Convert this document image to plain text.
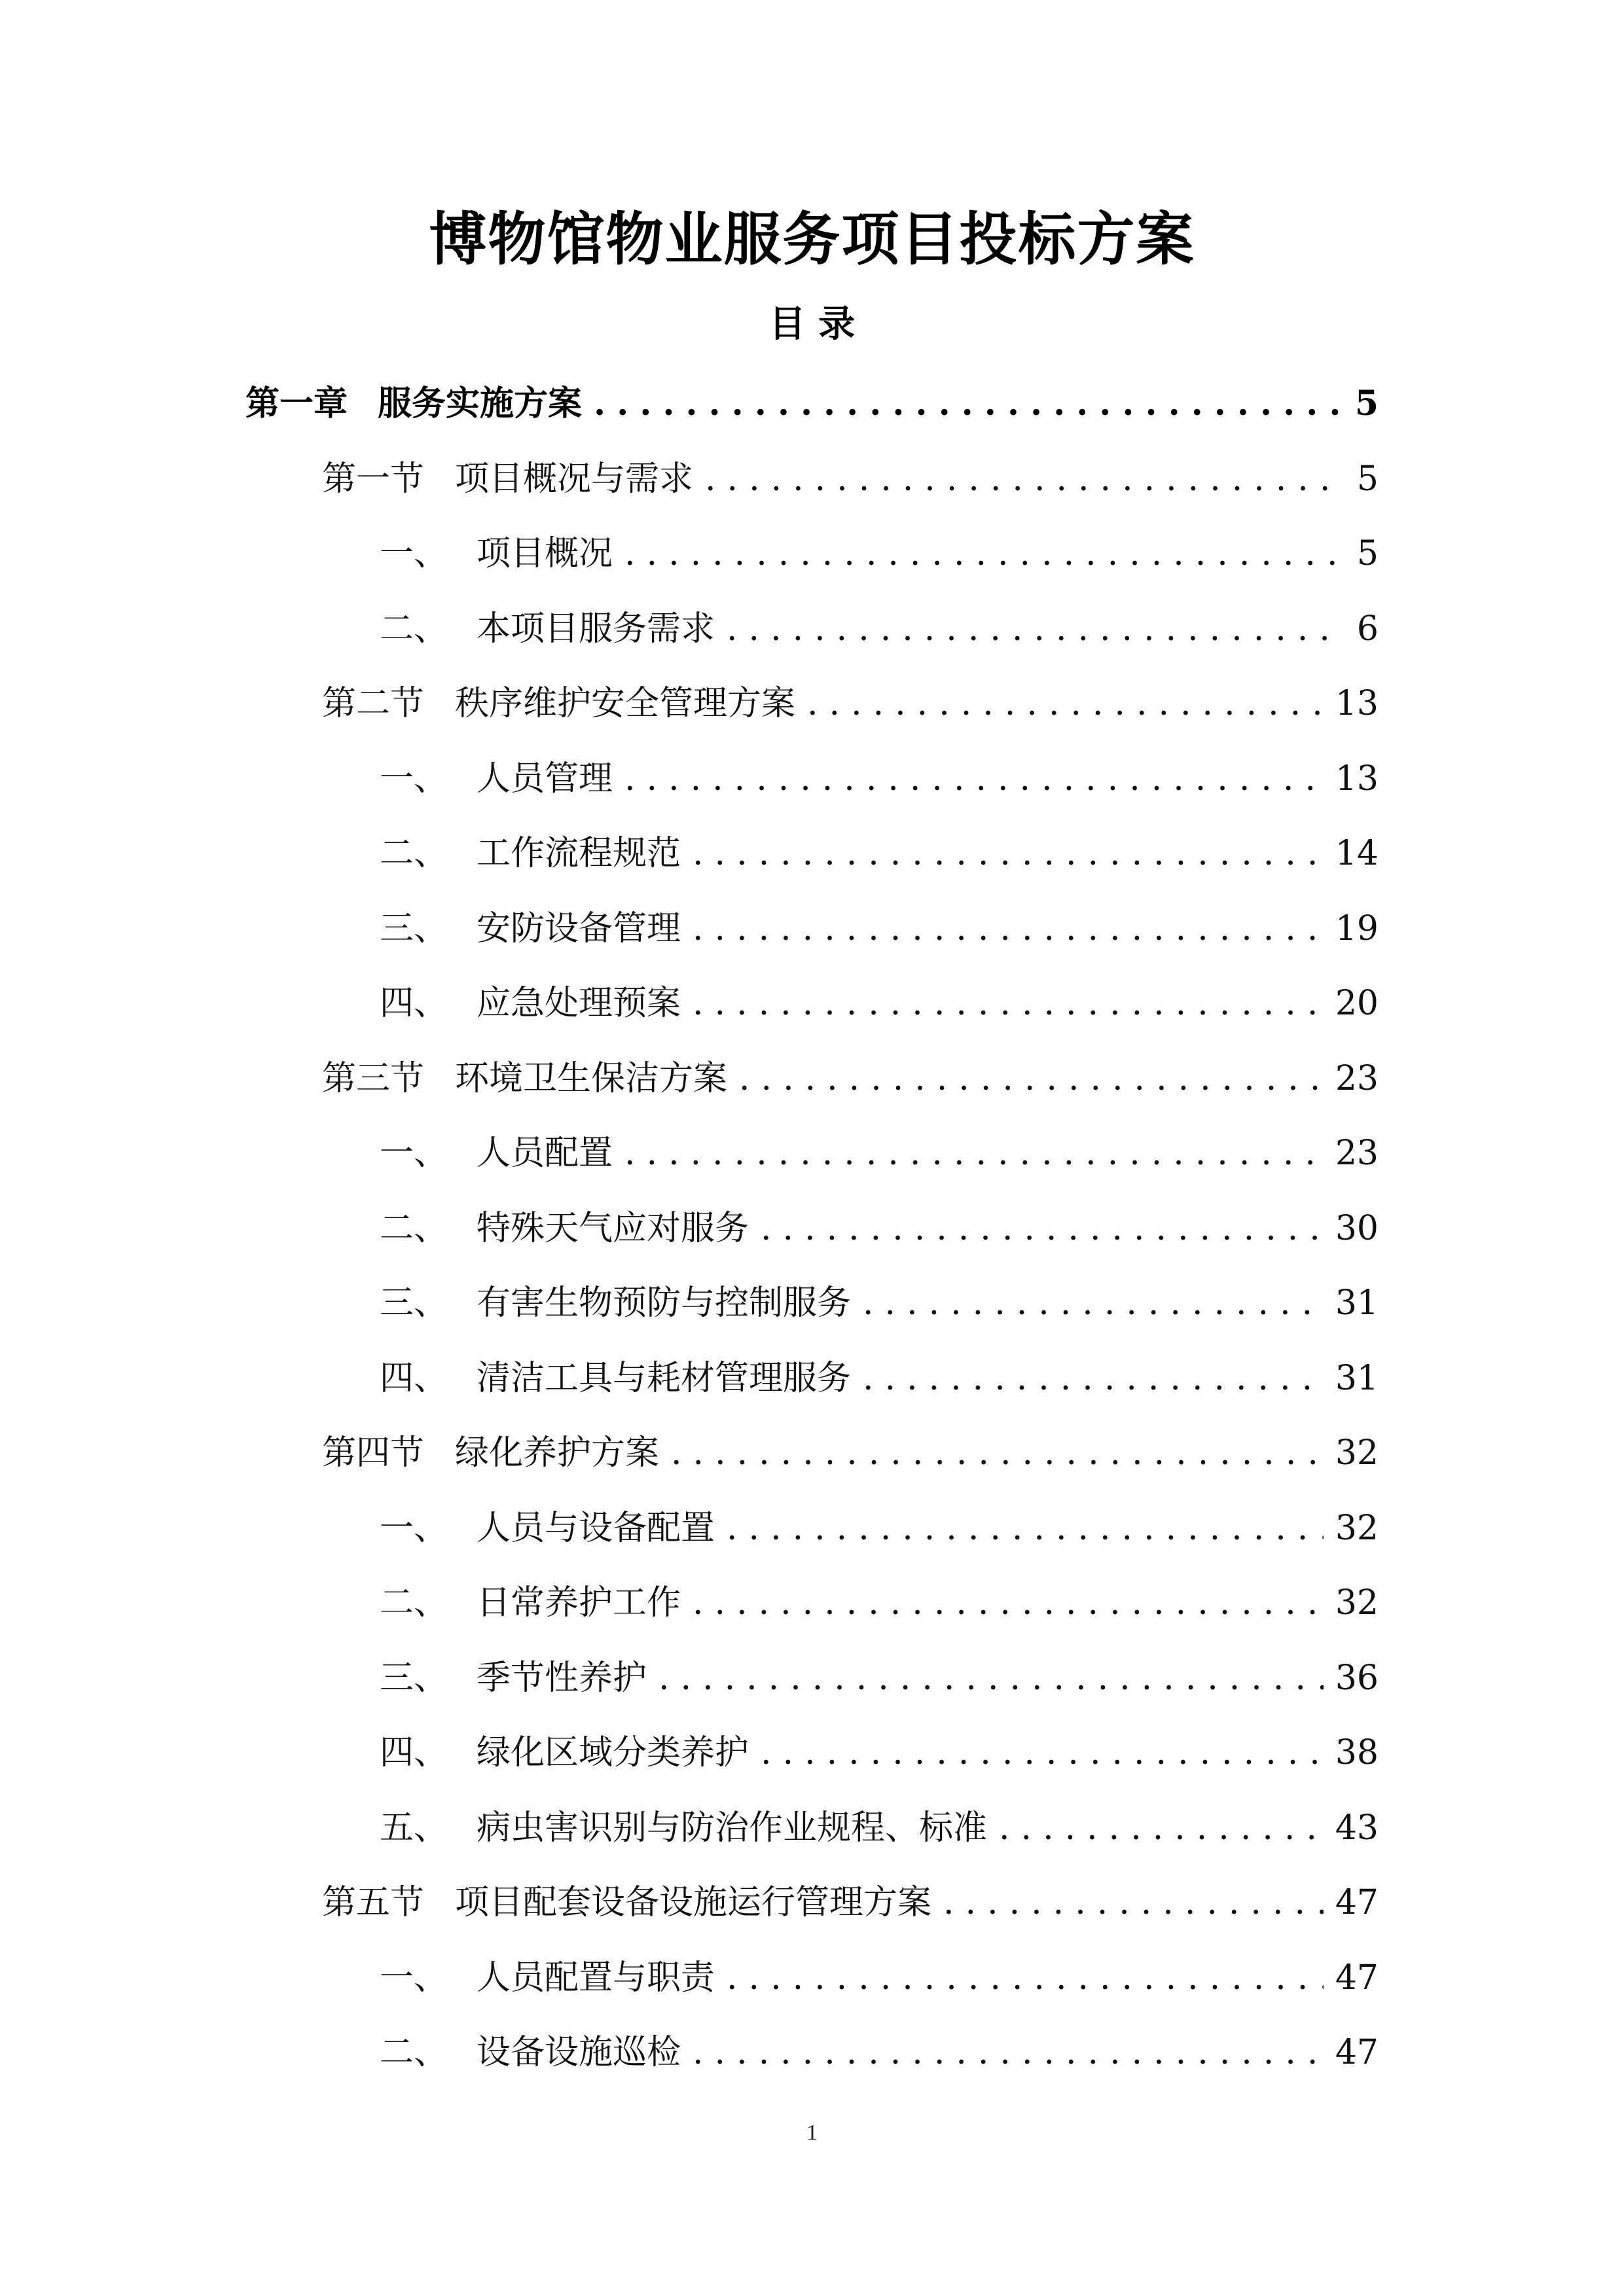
博物馆物业服务项目投标方案
目 录
第一章 服务实施方案 .....	5
第一节 项目概况与需求 .....	5
一、 项目概况 .....	5
二、 本项目服务需求 .....	6
第二节 秩序维护安全管理方案 .....	13
一、 人员管理 .....	13
二、 工作流程规范 .....	14
三、 安防设备管理 .....	19
四、 应急处理预案 .....	20
第三节 环境卫生保洁方案 .....	23
一、 人员配置 .....	23
二、 特殊天气应对服务 .....	30
三、 有害生物预防与控制服务 .....	31
四、 清洁工具与耗材管理服务 .....	31
第四节 绿化养护方案 .....	32
一、 人员与设备配置 .....	32
二、 日常养护工作 .....	32
三、 季节性养护 .....	36
四、 绿化区域分类养护 .....	38
五、 病虫害识别与防治作业规程、标准 .....	43
第五节 项目配套设备设施运行管理方案 .....	47
一、 人员配置与职责 .....	47
二、 设备设施巡检 .....	47
1
